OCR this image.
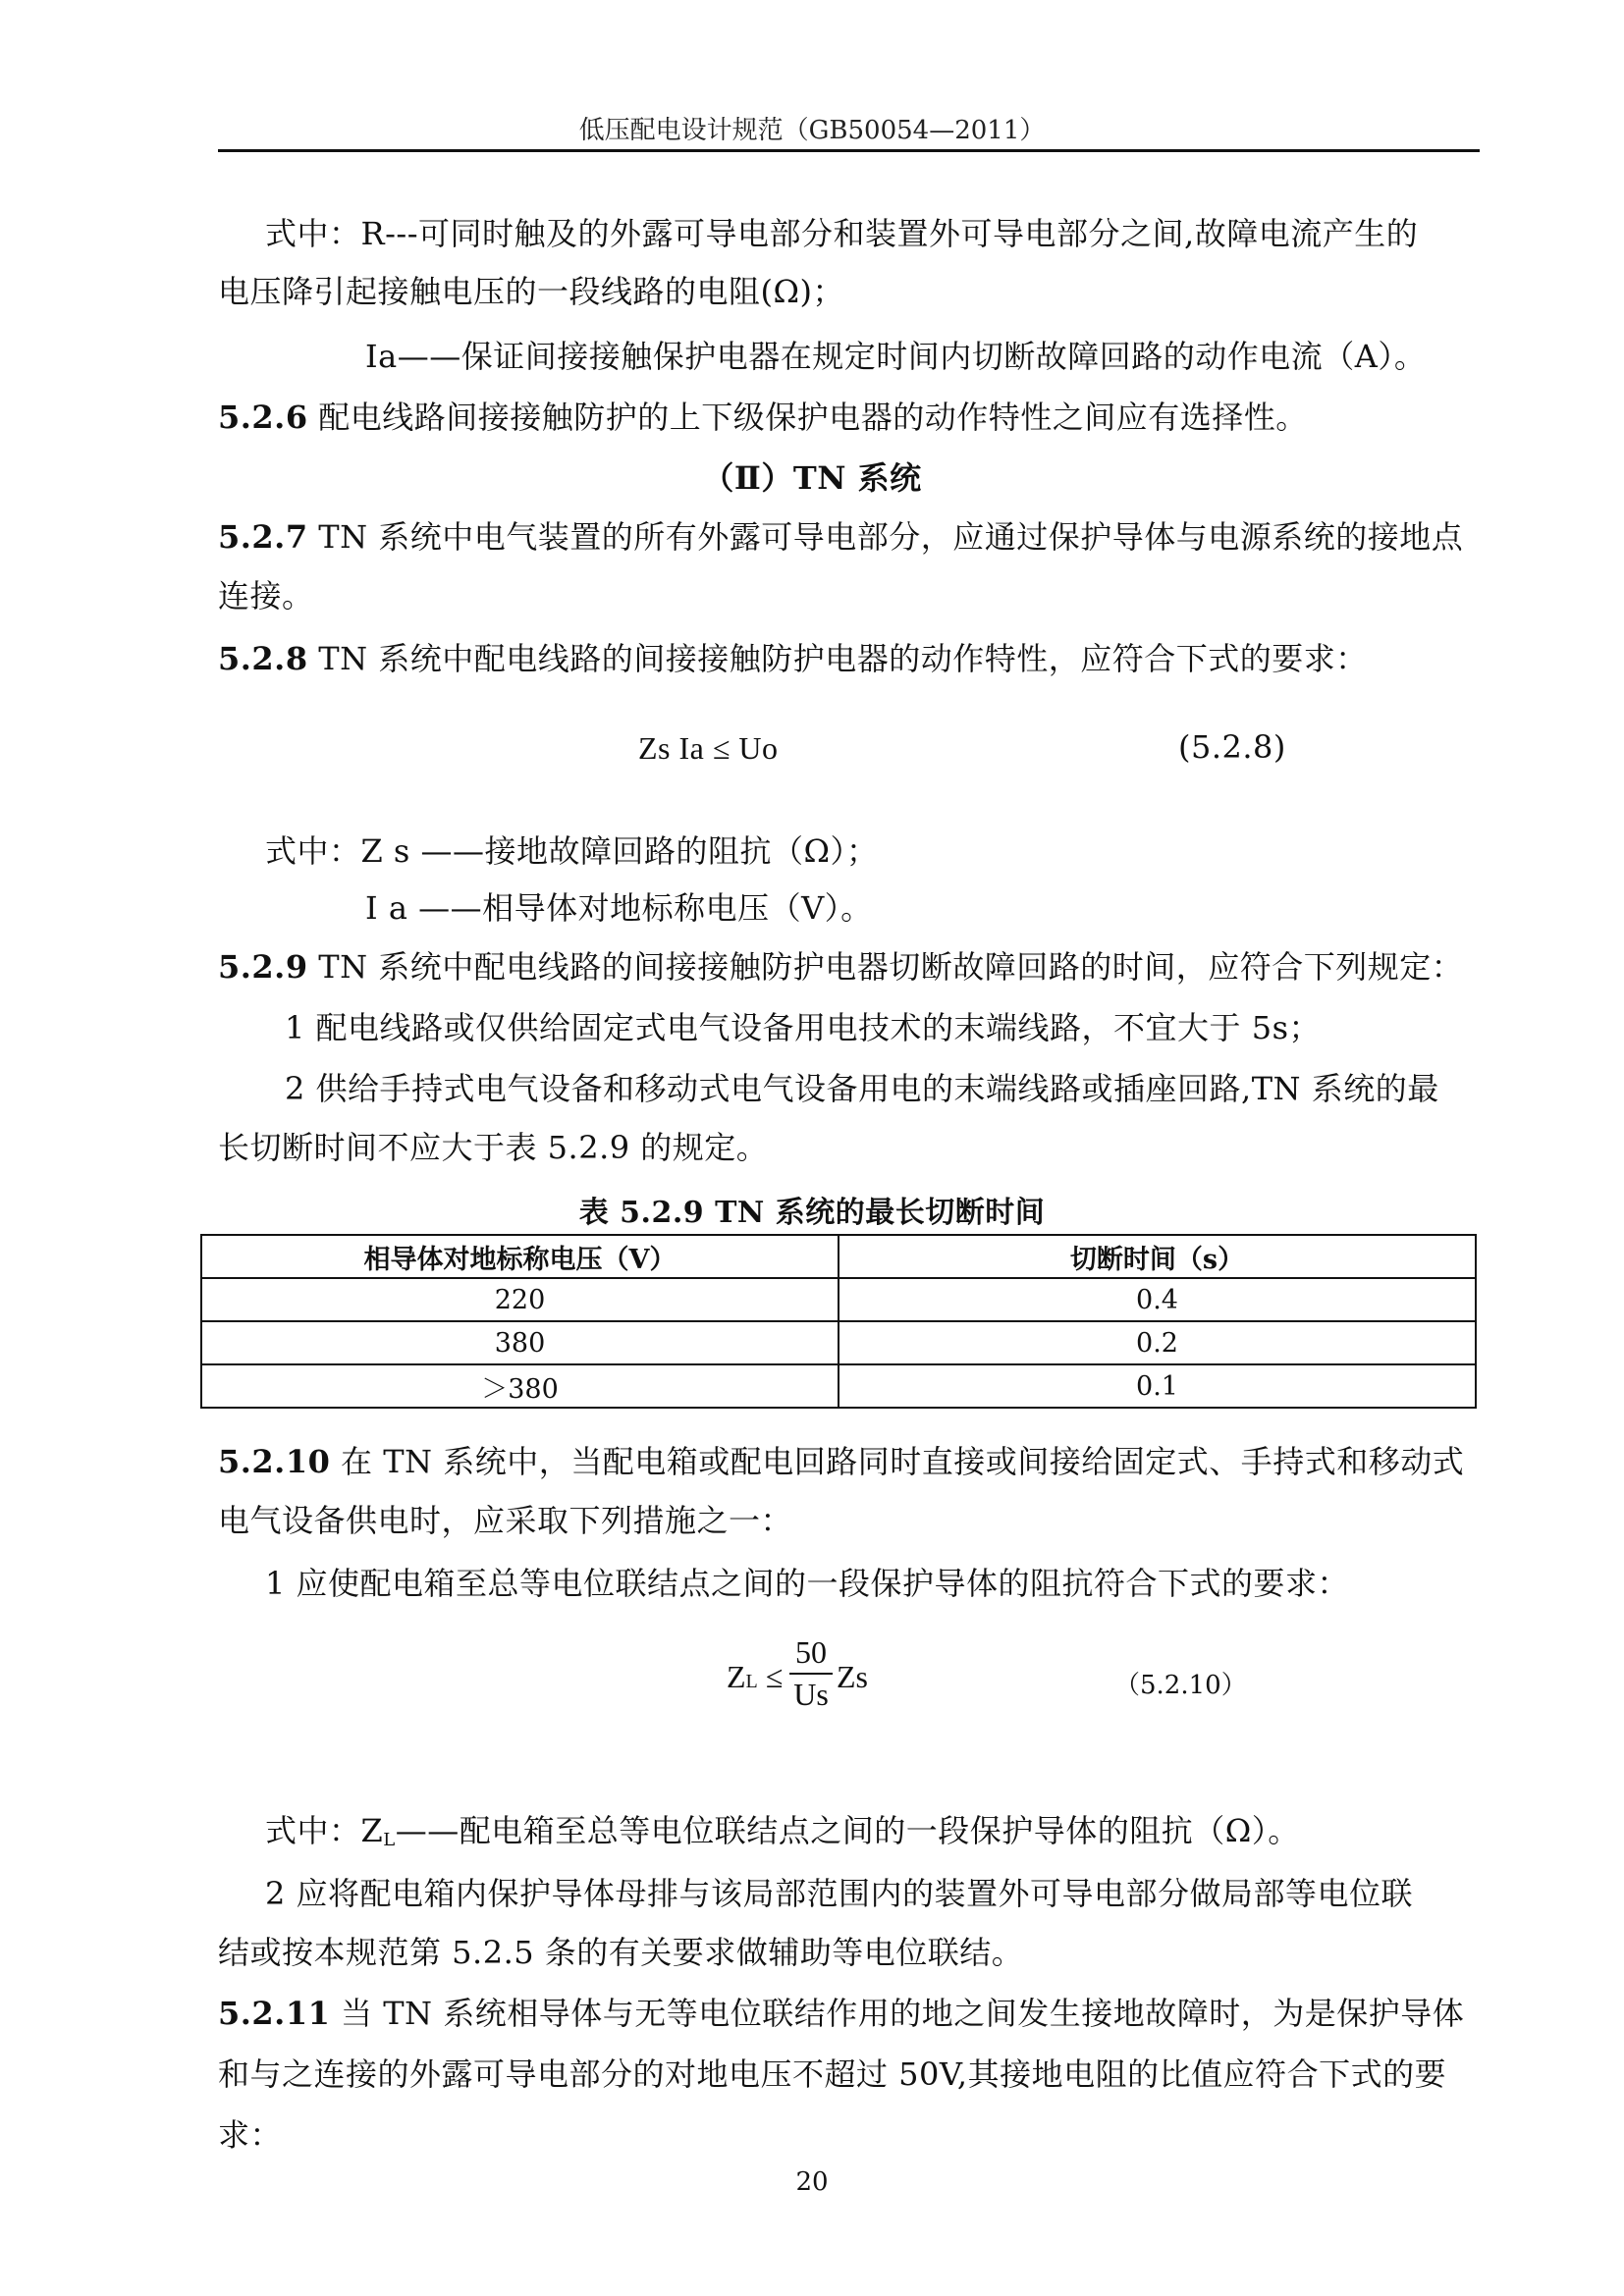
低压配电设计规范（GB50054—2011）
式中：R---可同时触及的外露可导电部分和装置外可导电部分之间,故障电流产生的
电压降引起接触电压的一段线路的电阻(Ω)；
Ia——保证间接接触保护电器在规定时间内切断故障回路的动作电流（A）。
5.2.6 配电线路间接接触防护的上下级保护电器的动作特性之间应有选择性。
（Ⅱ）TN 系统
5.2.7 TN 系统中电气装置的所有外露可导电部分，应通过保护导体与电源系统的接地点
连接。
5.2.8 TN 系统中配电线路的间接接触防护电器的动作特性，应符合下式的要求：
Zs Ia ≤ Uo	(5.2.8)
式中：Z s ——接地故障回路的阻抗（Ω）；
I a ——相导体对地标称电压（V）。
5.2.9 TN 系统中配电线路的间接接触防护电器切断故障回路的时间，应符合下列规定：
1 配电线路或仅供给固定式电气设备用电技术的末端线路，不宜大于 5s；
2 供给手持式电气设备和移动式电气设备用电的末端线路或插座回路,TN 系统的最
长切断时间不应大于表 5.2.9 的规定。
表 5.2.9 TN 系统的最长切断时间
相导体对地标称电压（V）	切断时间（s）
220	0.4
380	0.2
＞380	0.1
5.2.10 在 TN 系统中，当配电箱或配电回路同时直接或间接给固定式、手持式和移动式
电气设备供电时，应采取下列措施之一：
1 应使配电箱至总等电位联结点之间的一段保护导体的阻抗符合下式的要求：
ZL ≤
50
Us Zs	（5.2.10）
式中：ZL——配电箱至总等电位联结点之间的一段保护导体的阻抗（Ω）。
2 应将配电箱内保护导体母排与该局部范围内的装置外可导电部分做局部等电位联
结或按本规范第 5.2.5 条的有关要求做辅助等电位联结。
5.2.11 当 TN 系统相导体与无等电位联结作用的地之间发生接地故障时，为是保护导体
和与之连接的外露可导电部分的对地电压不超过 50V,其接地电阻的比值应符合下式的要
求：
20
